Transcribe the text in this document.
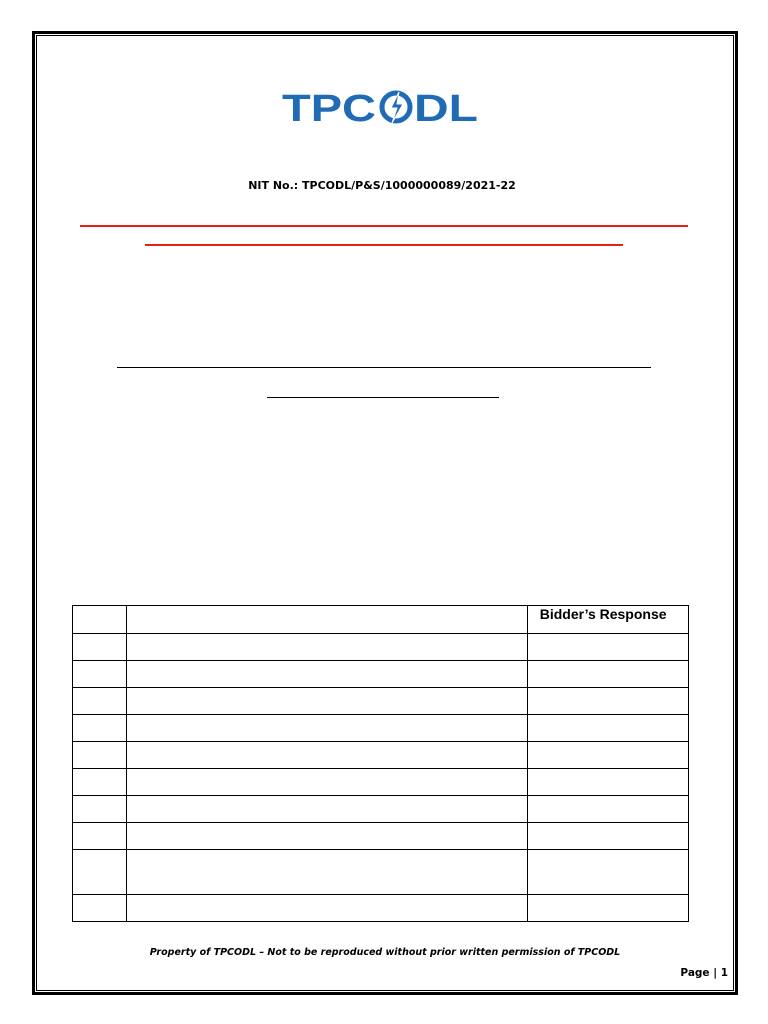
TPC DL
NIT No.: TPCODL/P&S/1000000089/2021-22
		Bidder’s Response

Property of TPCODL – Not to be reproduced without prior written permission of TPCODL
Page | 1
